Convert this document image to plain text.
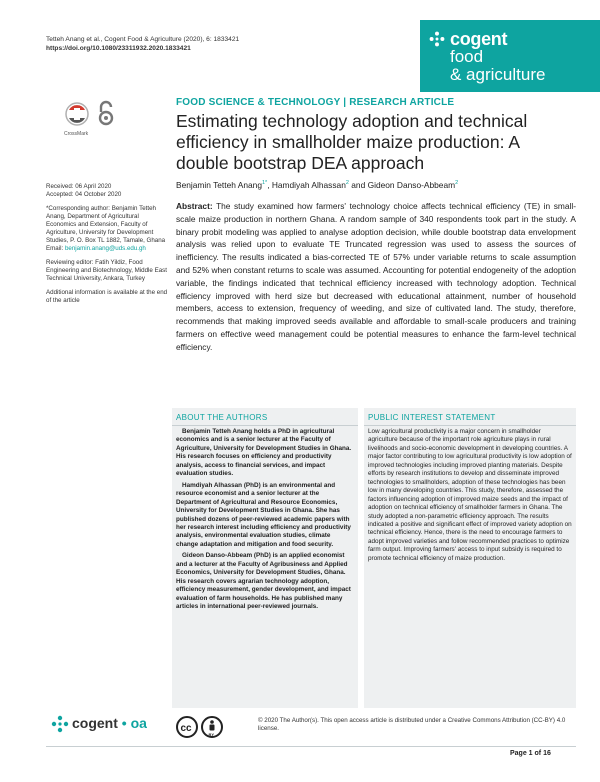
Tetteh Anang et al., Cogent Food & Agriculture (2020), 6: 1833421
https://doi.org/10.1080/23311932.2020.1833421	cogent
food
& agriculture
CrossMark
FOOD SCIENCE & TECHNOLOGY | RESEARCH ARTICLE
Estimating technology adoption and technical efficiency in smallholder maize production: A double bootstrap DEA approach
Benjamin Tetteh Anang$^{1*}$, Hamdiyah Alhassan$^2$ and Gideon Danso-Abbeam$^2$

Received: 06 April 2020
Accepted: 04 October 2020

*Corresponding author: Benjamin Tetteh Anang, Department of Agricultural Economics and Extension, Faculty of Agriculture, University for Development Studies, P. O. Box TL 1882, Tamale, Ghana
Email: benjamin.anang@uds.edu.gh

Reviewing editor: Fatih Yildiz, Food Engineering and Biotechnology, Middle East Technical University, Ankara, Turkey

Additional information is available at the end of the article

Abstract: The study examined how farmers' technology choice affects technical efficiency (TE) in small-scale maize production in northern Ghana. A random sample of 340 respondents took part in the study. A binary probit modeling was applied to analyse adoption decision, while double bootstrap data envelopment analysis was relied upon to evaluate TE Truncated regression was used to assess the sources of inefficiency. The results indicated a bias-corrected TE of 57% under variable returns to scale assumption and 52% when constant returns to scale was assumed. Accounting for potential endogeneity of the adoption variable, the findings indicated that technical efficiency increased with technology adoption. Technical efficiency improved with herd size but decreased with educational attainment, number of household members, access to extension, frequency of weeding, and size of cultivated land. The study, therefore, recommends that making improved seeds available and affordable to small-scale producers and training farmers on effective weed management could be potential measures to enhance the farm-level technical efficiency.
ABOUT THE AUTHORS

Benjamin Tetteh Anang holds a PhD in agricultural economics and is a senior lecturer at the Faculty of Agriculture, University for Development Studies in Ghana. His research focuses on efficiency and productivity analysis, access to financial services, and impact evaluation studies.

Hamdiyah Alhassan (PhD) is an environmental and resource economist and a senior lecturer at the Department of Agricultural and Resource Economics, University for Development Studies in Ghana. She has published dozens of peer-reviewed academic papers with her research interest including efficiency and productivity analysis, environmental evaluation studies, climate change adaptation and mitigation and food security.

Gideon Danso-Abbeam (PhD) is an applied economist and a lecturer at the Faculty of Agribusiness and Applied Economics, University for Development Studies, Ghana. His research covers agrarian technology adoption, efficiency measurement, gender development, and impact evaluation of farm households. He has published many articles in international peer-reviewed journals.

PUBLIC INTEREST STATEMENT
Low agricultural productivity is a major concern in smallholder agriculture because of the important role agriculture plays in rural livelihoods and socio-economic development in developing countries. A major factor contributing to low agricultural productivity is low adoption of improved technologies including improved planting materials. Despite efforts by research institutions to develop and disseminate improved technologies to smallholders, adoption of these technologies has been low in many developing countries. This study, therefore, assessed the factors influencing adoption of improved maize seeds and the impact of adoption on technical efficiency of smallholder farmers in Ghana. The study adopted a non-parametric efficiency approach. The results indicated a positive and significant effect of improved variety adoption on technical efficiency. Hence, there is the need to encourage farmers to adopt improved varieties and follow recommended practices to optimize farm output. Improving farmers' access to input subsidy is required to promote technical efficiency of maize production.
cogent • oa	cc
BY
© 2020 The Author(s). This open access article is distributed under a Creative Commons Attribution (CC-BY) 4.0 license.
Page 1 of 16
